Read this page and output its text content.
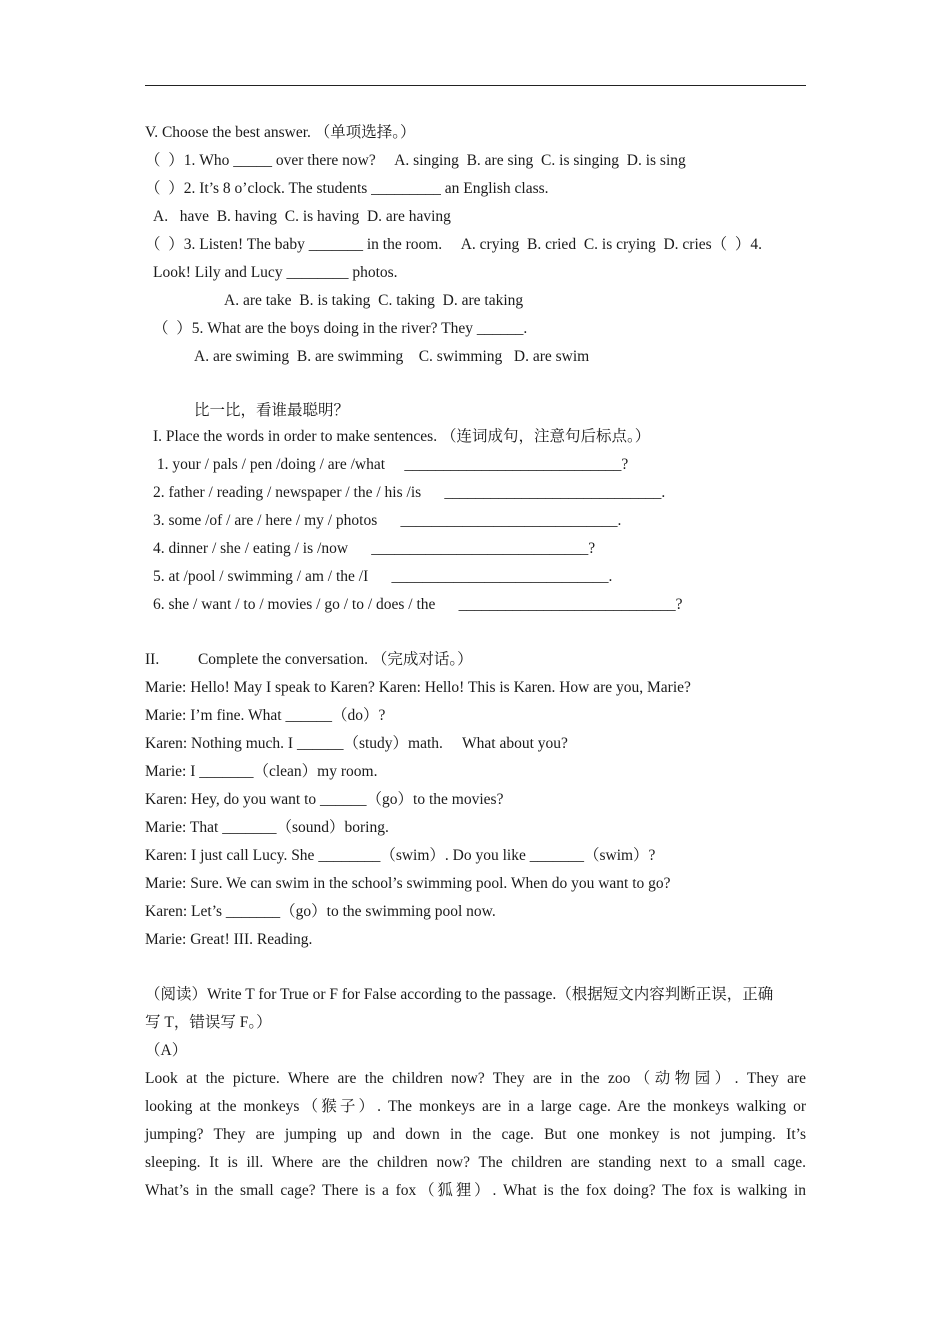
V. Choose the best answer. （单项选择。）
（  ）1. Who _____ over there now?     A. singing  B. are sing  C. is singing  D. is sing
（  ）2. It’s 8 o’clock. The students _________ an English class.
A.   have  B. having  C. is having  D. are having
（  ）3. Listen! The baby _______ in the room.     A. crying  B. cried  C. is crying  D. cries（  ）4.
Look! Lily and Lucy ________ photos.
A. are take  B. is taking  C. taking  D. are taking
（  ）5. What are the boys doing in the river? They ______.
A. are swiming  B. are swimming    C. swimming   D. are swim
比一比，看谁最聪明？
I. Place the words in order to make sentences. （连词成句，注意句后标点。）
1. your / pals / pen /doing / are /what     ____________________________?
2. father / reading / newspaper / the / his /is      ____________________________.
3. some /of / are / here / my / photos      ____________________________.
4. dinner / she / eating / is /now      ____________________________?
5. at /pool / swimming / am / the /I      ____________________________.
6. she / want / to / movies / go / to / does / the      ____________________________?
II.          Complete the conversation. （完成对话。）
Marie: Hello! May I speak to Karen? Karen: Hello! This is Karen. How are you, Marie?
Marie: I’m fine. What ______（do）?
Karen: Nothing much. I ______（study）math.     What about you?
Marie: I _______（clean）my room.
Karen: Hey, do you want to ______（go）to the movies?
Marie: That _______（sound）boring.
Karen: I just call Lucy. She ________（swim）. Do you like _______（swim）?
Marie: Sure. We can swim in the school’s swimming pool. When do you want to go?
Karen: Let’s _______（go）to the swimming pool now.
Marie: Great! III. Reading.
（阅读）Write T for True or F for False according to the passage.（根据短文内容判断正误，正确
写 T，错误写 F。）
（A）
Look at the picture. Where are the children now? They are in the zoo（动物园）. They are
looking at the monkeys（猴子）. The monkeys are in a large cage. Are the monkeys walking or
jumping? They are jumping up and down in the cage. But one monkey is not jumping. It’s
sleeping. It is ill. Where are the children now? The children are standing next to a small cage.
What’s in the small cage? There is a fox（狐狸）. What is the fox doing? The fox is walking in
